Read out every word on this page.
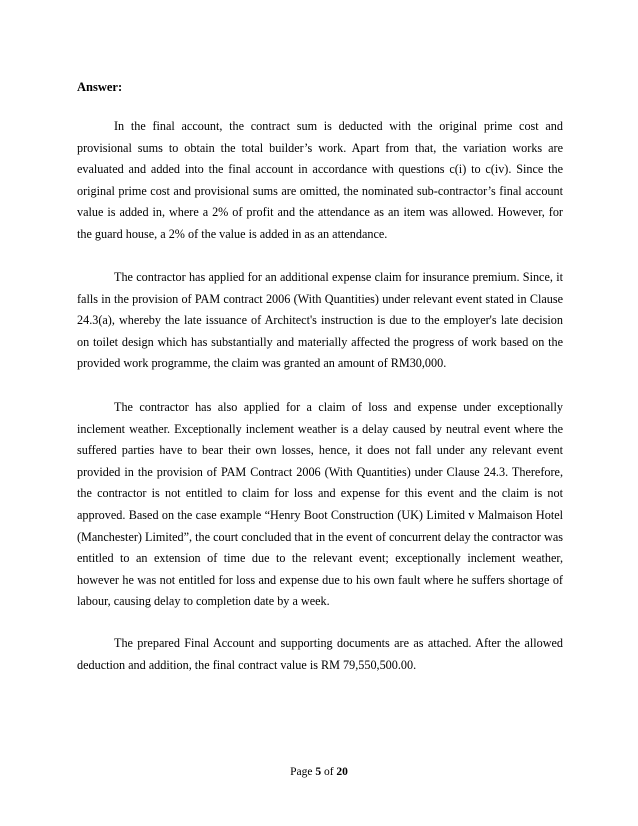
Answer:

In the final account, the contract sum is deducted with the original prime cost and provisional sums to obtain the total builder’s work. Apart from that, the variation works are evaluated and added into the final account in accordance with questions c(i) to c(iv). Since the original prime cost and provisional sums are omitted, the nominated sub-contractor’s final account value is added in, where a 2% of profit and the attendance as an item was allowed. However, for the guard house, a 2% of the value is added in as an attendance.

The contractor has applied for an additional expense claim for insurance premium. Since, it falls in the provision of PAM contract 2006 (With Quantities) under relevant event stated in Clause 24.3(a), whereby the late issuance of Architect's instruction is due to the employer's late decision on toilet design which has substantially and materially affected the progress of work based on the provided work programme, the claim was granted an amount of RM30,000.

The contractor has also applied for a claim of loss and expense under exceptionally inclement weather. Exceptionally inclement weather is a delay caused by neutral event where the suffered parties have to bear their own losses, hence, it does not fall under any relevant event provided in the provision of PAM Contract 2006 (With Quantities) under Clause 24.3. Therefore, the contractor is not entitled to claim for loss and expense for this event and the claim is not approved. Based on the case example “Henry Boot Construction (UK) Limited v Malmaison Hotel (Manchester) Limited”, the court concluded that in the event of concurrent delay the contractor was entitled to an extension of time due to the relevant event; exceptionally inclement weather, however he was not entitled for loss and expense due to his own fault where he suffers shortage of labour, causing delay to completion date by a week.

The prepared Final Account and supporting documents are as attached. After the allowed deduction and addition, the final contract value is RM 79,550,500.00.

Page 5 of 20
